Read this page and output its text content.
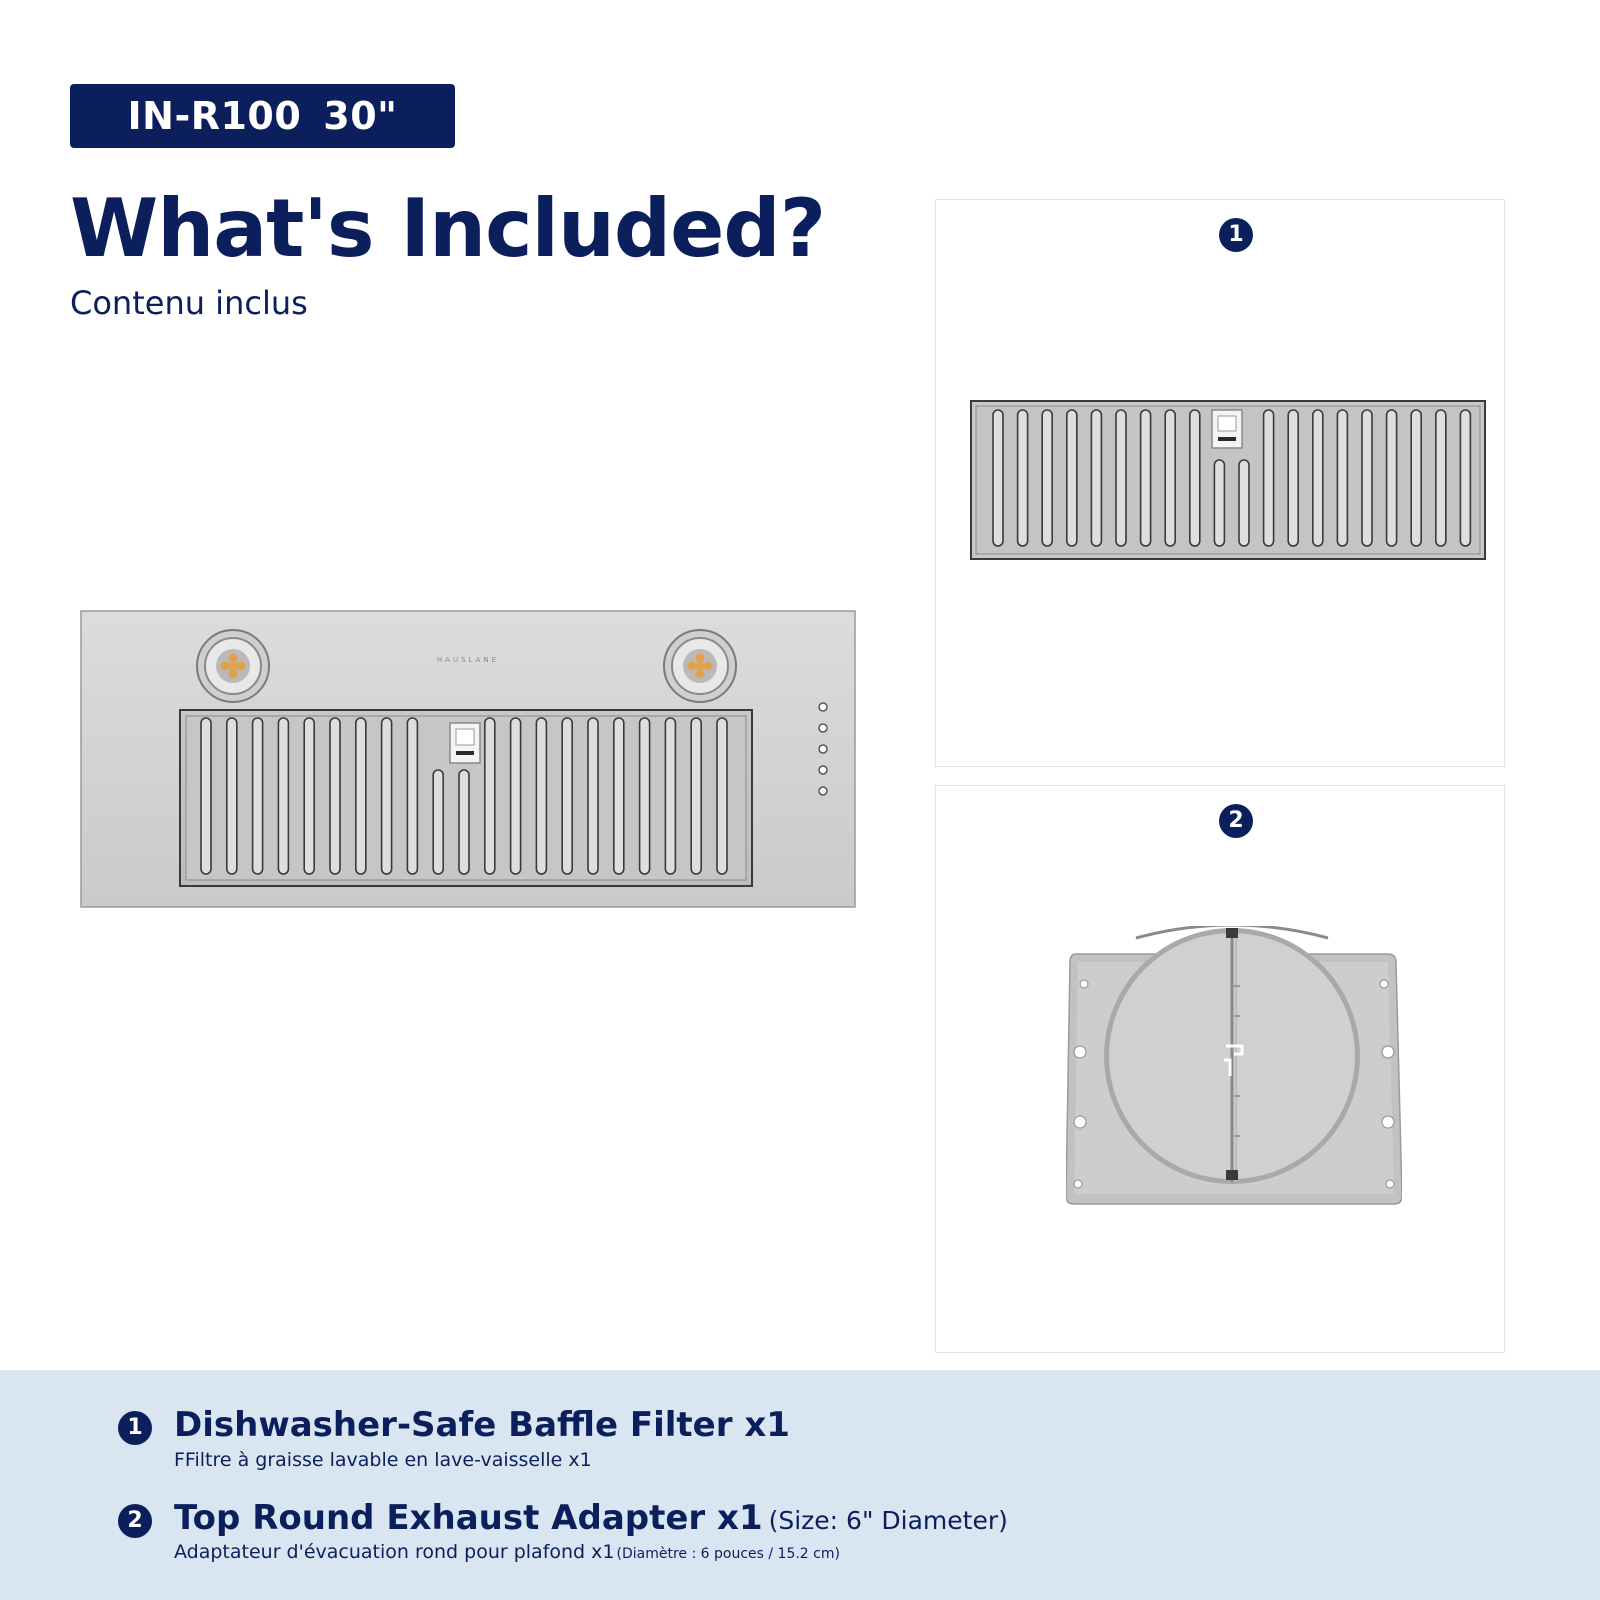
IN-R100 30"
What's Included?
Contenu inclus
HAUSLANE
1
2
1 Dishwasher-Safe Baffle Filter x1
FFiltre à graisse lavable en lave-vaisselle x1
2 Top Round Exhaust Adapter x1 (Size: 6" Diameter)
Adaptateur d'évacuation rond pour plafond x1 (Diamètre : 6 pouces / 15.2 cm)
